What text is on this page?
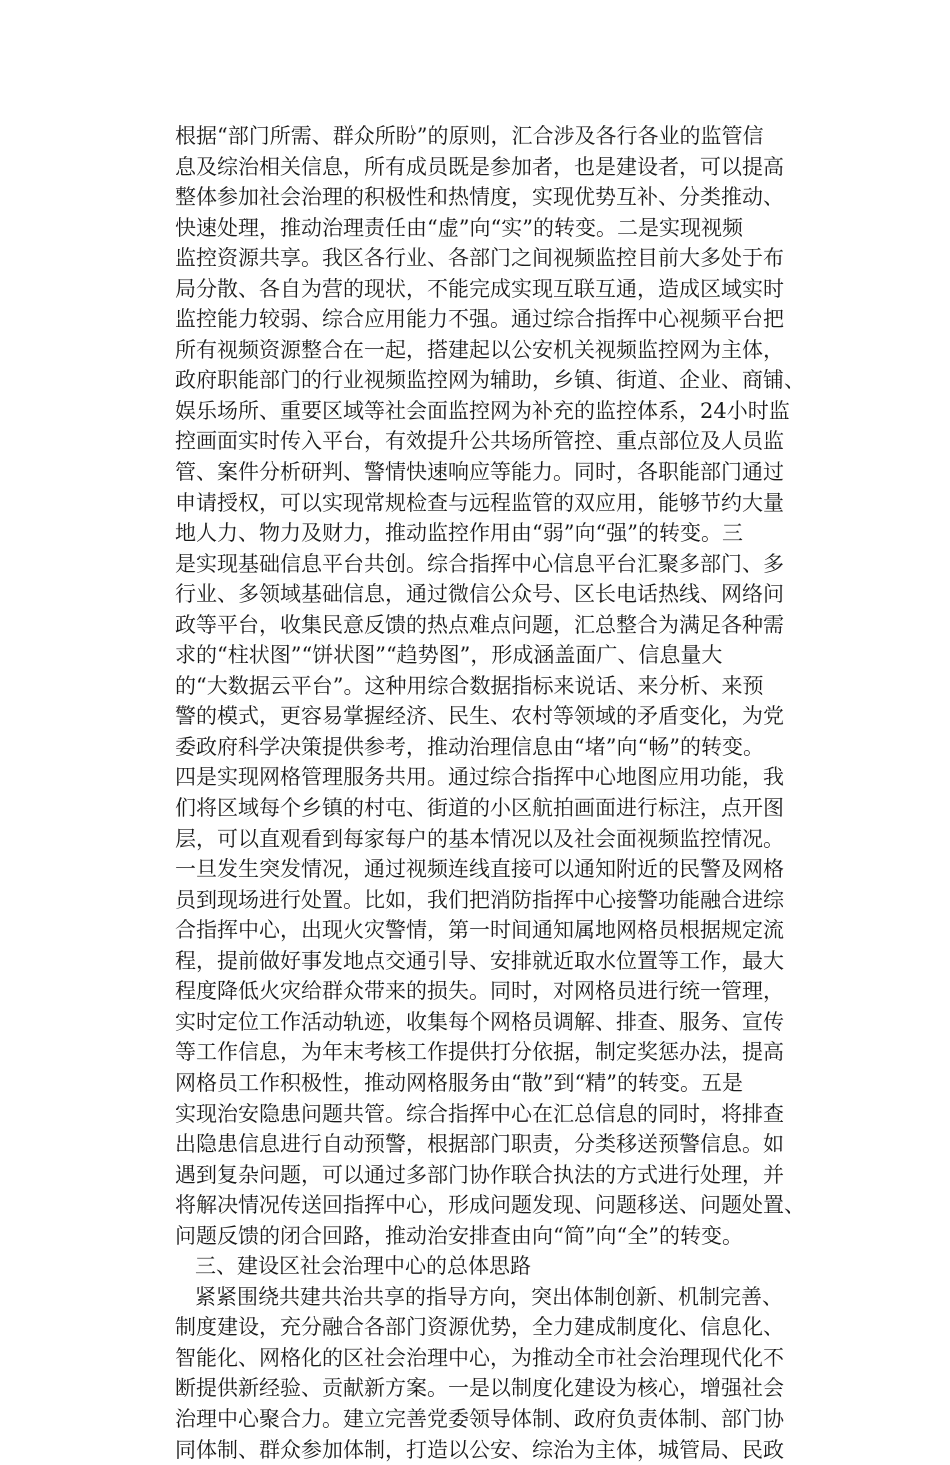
根据“部门所需、群众所盼”的原则，汇合涉及各行各业的监管信
息及综治相关信息，所有成员既是参加者，也是建设者，可以提高
整体参加社会治理的积极性和热情度，实现优势互补、分类推动、
快速处理，推动治理责任由“虚”向“实”的转变。二是实现视频
监控资源共享。我区各行业、各部门之间视频监控目前大多处于布
局分散、各自为营的现状，不能完成实现互联互通，造成区域实时
监控能力较弱、综合应用能力不强。通过综合指挥中心视频平台把
所有视频资源整合在一起，搭建起以公安机关视频监控网为主体，
政府职能部门的行业视频监控网为辅助，乡镇、街道、企业、商铺、
娱乐场所、重要区域等社会面监控网为补充的监控体系，24小时监
控画面实时传入平台，有效提升公共场所管控、重点部位及人员监
管、案件分析研判、警情快速响应等能力。同时，各职能部门通过
申请授权，可以实现常规检查与远程监管的双应用，能够节约大量
地人力、物力及财力，推动监控作用由“弱”向“强”的转变。三
是实现基础信息平台共创。综合指挥中心信息平台汇聚多部门、多
行业、多领域基础信息，通过微信公众号、区长电话热线、网络问
政等平台，收集民意反馈的热点难点问题，汇总整合为满足各种需
求的“柱状图”“饼状图”“趋势图”，形成涵盖面广、信息量大
的“大数据云平台”。这种用综合数据指标来说话、来分析、来预
警的模式，更容易掌握经济、民生、农村等领域的矛盾变化，为党
委政府科学决策提供参考，推动治理信息由“堵”向“畅”的转变。
四是实现网格管理服务共用。通过综合指挥中心地图应用功能，我
们将区域每个乡镇的村屯、街道的小区航拍画面进行标注，点开图
层，可以直观看到每家每户的基本情况以及社会面视频监控情况。
一旦发生突发情况，通过视频连线直接可以通知附近的民警及网格
员到现场进行处置。比如，我们把消防指挥中心接警功能融合进综
合指挥中心，出现火灾警情，第一时间通知属地网格员根据规定流
程，提前做好事发地点交通引导、安排就近取水位置等工作，最大
程度降低火灾给群众带来的损失。同时，对网格员进行统一管理，
实时定位工作活动轨迹，收集每个网格员调解、排查、服务、宣传
等工作信息，为年末考核工作提供打分依据，制定奖惩办法，提高
网格员工作积极性，推动网格服务由“散”到“精”的转变。五是
实现治安隐患问题共管。综合指挥中心在汇总信息的同时，将排查
出隐患信息进行自动预警，根据部门职责，分类移送预警信息。如
遇到复杂问题，可以通过多部门协作联合执法的方式进行处理，并
将解决情况传送回指挥中心，形成问题发现、问题移送、问题处置、
问题反馈的闭合回路，推动治安排查由向“简”向“全”的转变。
三、建设区社会治理中心的总体思路
紧紧围绕共建共治共享的指导方向，突出体制创新、机制完善、
制度建设，充分融合各部门资源优势，全力建成制度化、信息化、
智能化、网格化的区社会治理中心，为推动全市社会治理现代化不
断提供新经验、贡献新方案。一是以制度化建设为核心，增强社会
治理中心聚合力。建立完善党委领导体制、政府负责体制、部门协
同体制、群众参加体制，打造以公安、综治为主体，城管局、民政
